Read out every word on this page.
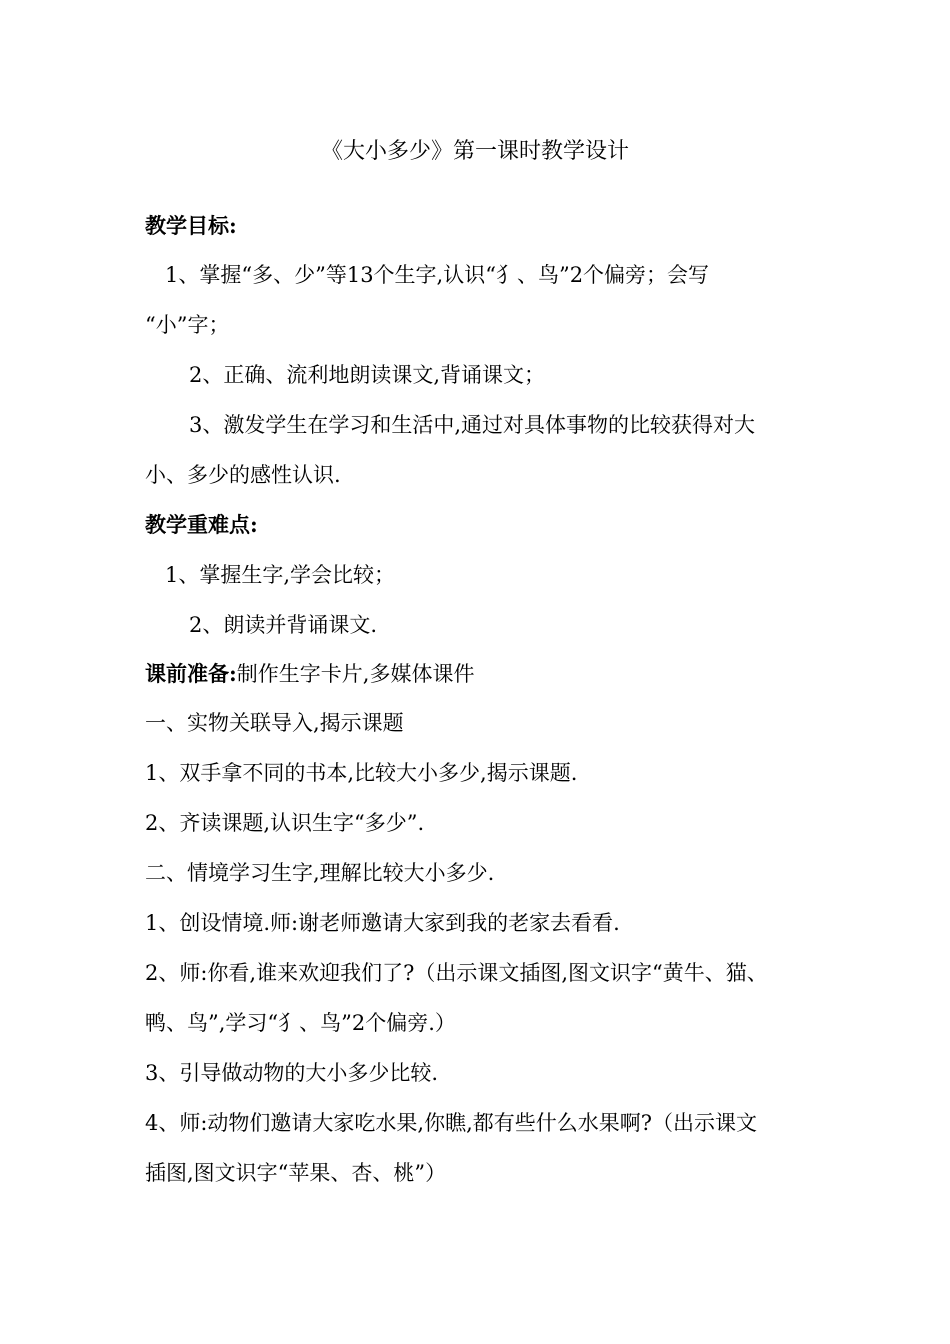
《大小多少》第一课时教学设计
教学目标:
1、掌握“多、少”等13个生字,认识“犭、鸟”2个偏旁；会写
“小”字；
2、正确、流利地朗读课文,背诵课文；
3、激发学生在学习和生活中,通过对具体事物的比较获得对大
小、多少的感性认识.
教学重难点:
1、掌握生字,学会比较；
2、朗读并背诵课文.
课前准备:制作生字卡片,多媒体课件
一、实物关联导入,揭示课题
1、双手拿不同的书本,比较大小多少,揭示课题.
2、齐读课题,认识生字“多少”.
二、情境学习生字,理解比较大小多少.
1、创设情境.师:谢老师邀请大家到我的老家去看看.
2、师:你看,谁来欢迎我们了?（出示课文插图,图文识字“黄牛、猫、
鸭、鸟”,学习“犭、鸟”2个偏旁.）
3、引导做动物的大小多少比较.
4、师:动物们邀请大家吃水果,你瞧,都有些什么水果啊?（出示课文
插图,图文识字“苹果、杏、桃”）
